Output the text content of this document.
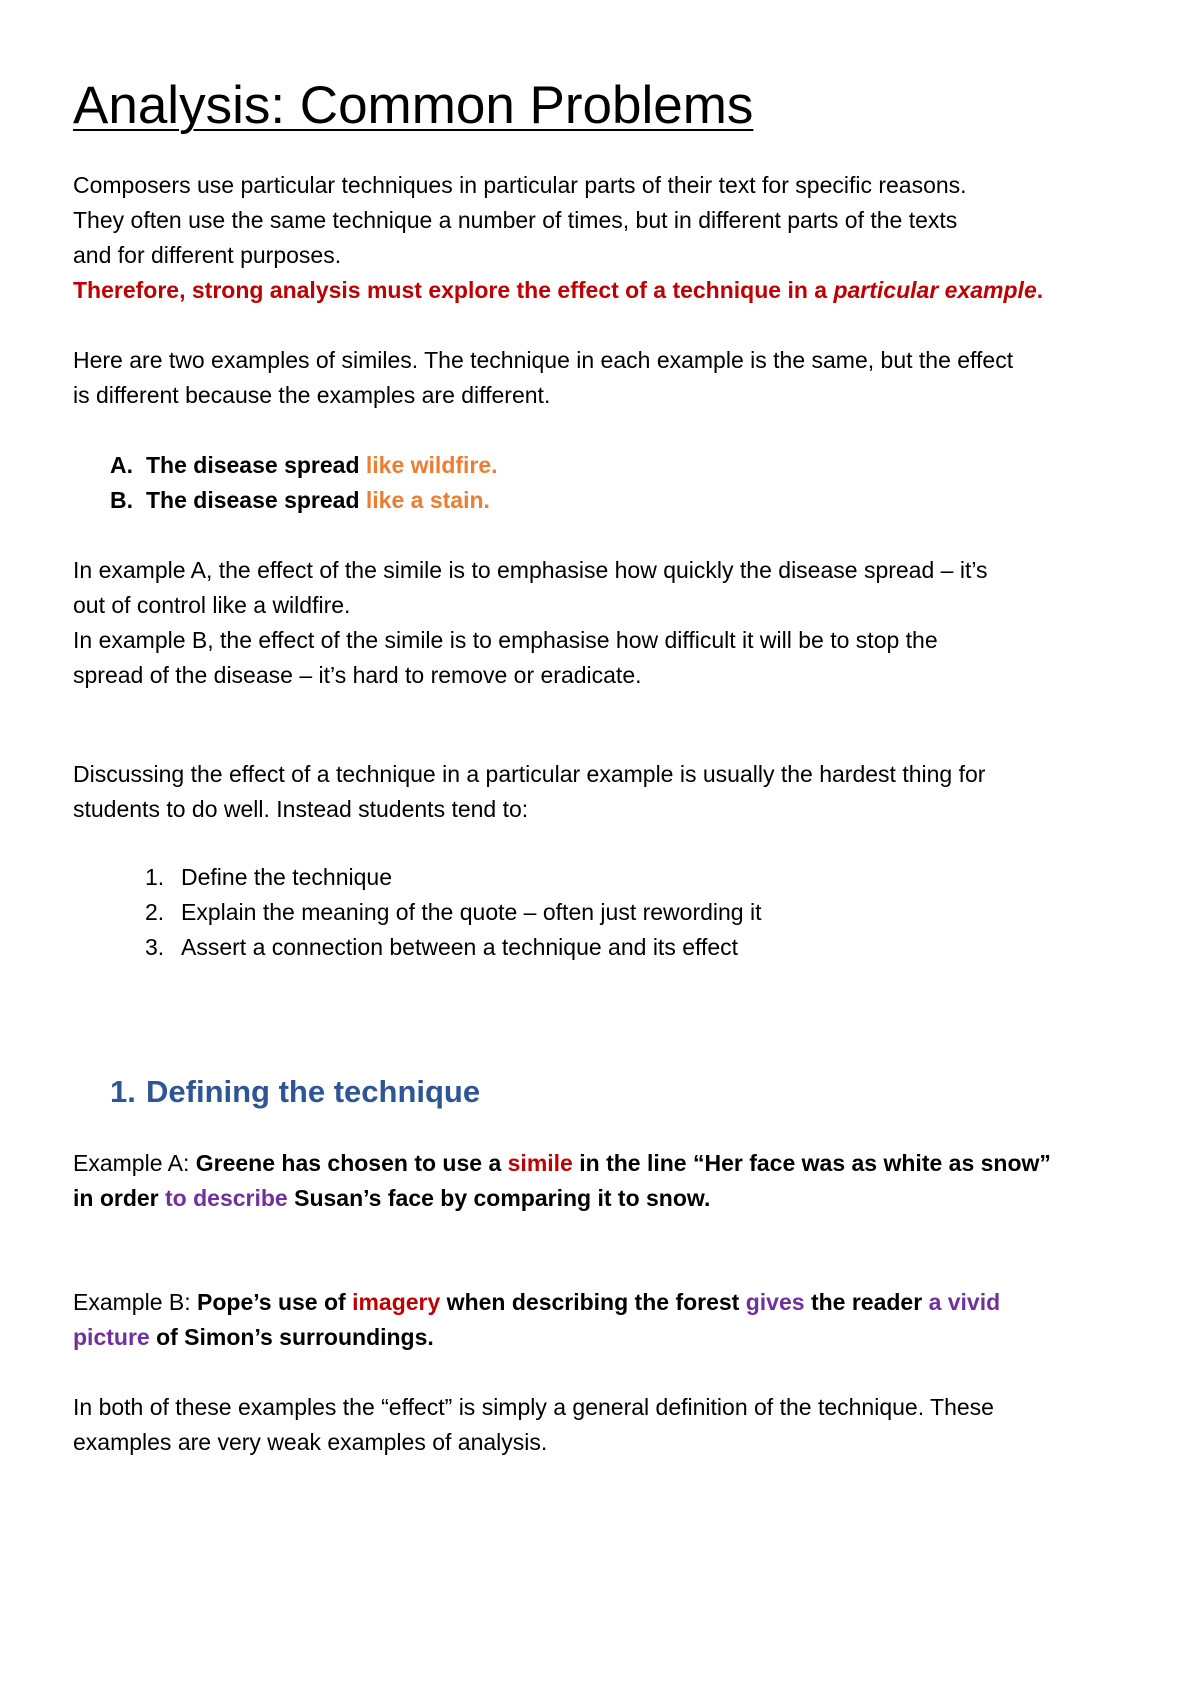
Analysis: Common Problems
Composers use particular techniques in particular parts of their text for specific reasons.
They often use the same technique a number of times, but in different parts of the texts
and for different purposes.
Therefore, strong analysis must explore the effect of a technique in a particular example.
Here are two examples of similes. The technique in each example is the same, but the effect
is different because the examples are different.
A. The disease spread like wildfire.
B. The disease spread like a stain.
In example A, the effect of the simile is to emphasise how quickly the disease spread – it’s
out of control like a wildfire.
In example B, the effect of the simile is to emphasise how difficult it will be to stop the
spread of the disease – it’s hard to remove or eradicate.
Discussing the effect of a technique in a particular example is usually the hardest thing for
students to do well. Instead students tend to:
1. Define the technique
2. Explain the meaning of the quote – often just rewording it
3. Assert a connection between a technique and its effect
1. Defining the technique
Example A: Greene has chosen to use a simile in the line “Her face was as white as snow”
in order to describe Susan’s face by comparing it to snow.
Example B: Pope’s use of imagery when describing the forest gives the reader a vivid
picture of Simon’s surroundings.
In both of these examples the “effect” is simply a general definition of the technique. These
examples are very weak examples of analysis.
